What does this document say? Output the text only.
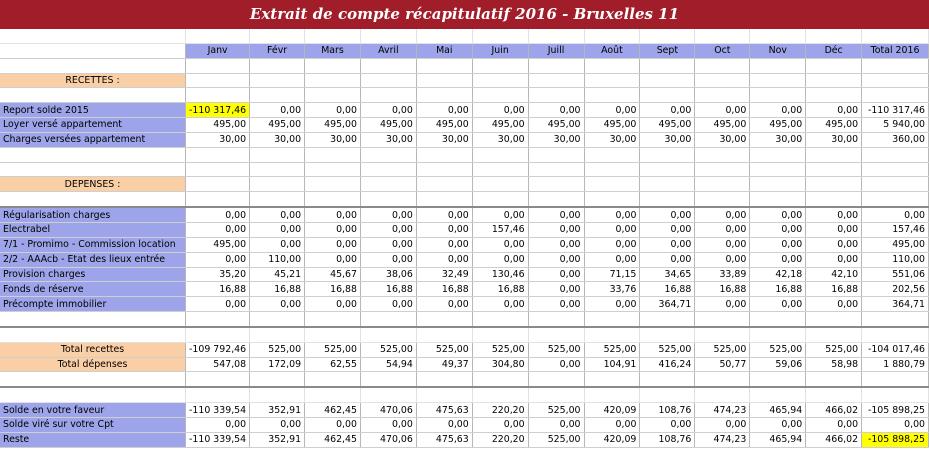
Extrait de compte récapitulatif 2016 - Bruxelles 11

	Janv	Févr	Mars	Avril	Mai	Juin	Juill	Août	Sept	Oct	Nov	Déc	Total 2016

RECETTES :													

Report solde 2015	-110 317,46	0,00	0,00	0,00	0,00	0,00	0,00	0,00	0,00	0,00	0,00	0,00	-110 317,46
Loyer versé appartement	495,00	495,00	495,00	495,00	495,00	495,00	495,00	495,00	495,00	495,00	495,00	495,00	5 940,00
Charges versées appartement	30,00	30,00	30,00	30,00	30,00	30,00	30,00	30,00	30,00	30,00	30,00	30,00	360,00

DEPENSES :													

Régularisation charges	0,00	0,00	0,00	0,00	0,00	0,00	0,00	0,00	0,00	0,00	0,00	0,00	0,00
Electrabel	0,00	0,00	0,00	0,00	0,00	157,46	0,00	0,00	0,00	0,00	0,00	0,00	157,46
7/1 - Promimo - Commission location	495,00	0,00	0,00	0,00	0,00	0,00	0,00	0,00	0,00	0,00	0,00	0,00	495,00
2/2 - AAAcb - Etat des lieux entrée	0,00	110,00	0,00	0,00	0,00	0,00	0,00	0,00	0,00	0,00	0,00	0,00	110,00
Provision charges	35,20	45,21	45,67	38,06	32,49	130,46	0,00	71,15	34,65	33,89	42,18	42,10	551,06
Fonds de réserve	16,88	16,88	16,88	16,88	16,88	16,88	0,00	33,76	16,88	16,88	16,88	16,88	202,56
Précompte immobilier	0,00	0,00	0,00	0,00	0,00	0,00	0,00	0,00	364,71	0,00	0,00	0,00	364,71

Total recettes	-109 792,46	525,00	525,00	525,00	525,00	525,00	525,00	525,00	525,00	525,00	525,00	525,00	-104 017,46
Total dépenses	547,08	172,09	62,55	54,94	49,37	304,80	0,00	104,91	416,24	50,77	59,06	58,98	1 880,79

Solde en votre faveur	-110 339,54	352,91	462,45	470,06	475,63	220,20	525,00	420,09	108,76	474,23	465,94	466,02	-105 898,25
Solde viré sur votre Cpt	0,00	0,00	0,00	0,00	0,00	0,00	0,00	0,00	0,00	0,00	0,00	0,00	0,00
Reste	-110 339,54	352,91	462,45	470,06	475,63	220,20	525,00	420,09	108,76	474,23	465,94	466,02	-105 898,25
